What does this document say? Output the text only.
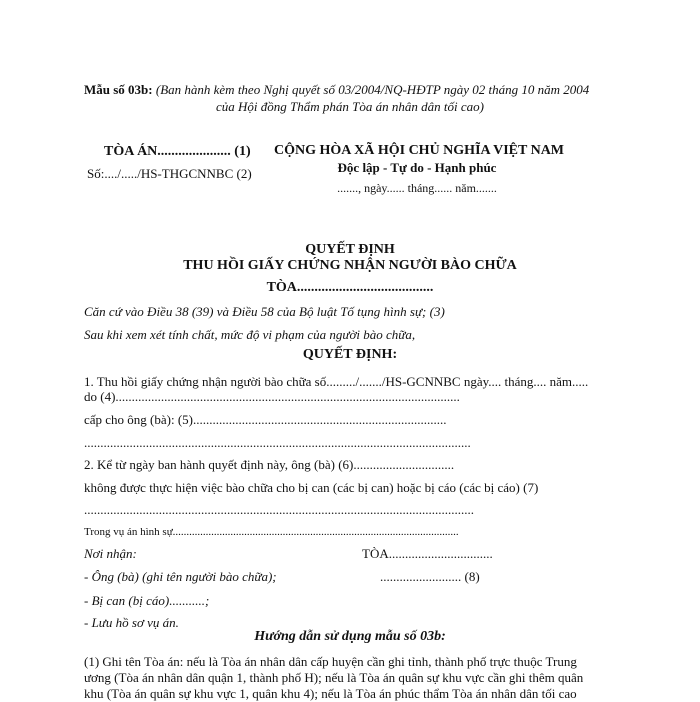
Mẫu số 03b: (Ban hành kèm theo Nghị quyết số 03/2004/NQ-HĐTP ngày 02 tháng 10 năm 2004
của Hội đồng Thẩm phán Tòa án nhân dân tối cao)
TÒA ÁN..................... (1)
Số:..../...../HS-THGCNNBC (2)
CỘNG HÒA XÃ HỘI CHỦ NGHĨA VIỆT NAM
Độc lập - Tự do - Hạnh phúc
......., ngày...... tháng...... năm.......
QUYẾT ĐỊNH
THU HỒI GIẤY CHỨNG NHẬN NGƯỜI BÀO CHỮA
TÒA.......................................
Căn cứ vào Điều 38 (39) và Điều 58 của Bộ luật Tố tụng hình sự; (3)
Sau khi xem xét tính chất, mức độ vi phạm của người bào chữa,
QUYẾT ĐỊNH:
1. Thu hồi giấy chứng nhận người bào chữa số........./......./HS-GCNNBC ngày.... tháng.... năm.....
do (4)..........................................................................................................
cấp cho ông (bà): (5)..............................................................................
.......................................................................................................................
2. Kể từ ngày ban hành quyết định này, ông (bà) (6)...............................
không được thực hiện việc bào chữa cho bị can (các bị can) hoặc bị cáo (các bị cáo) (7)
........................................................................................................................
Trong vụ án hình sự........................................................................................................
Nơi nhận:	TÒA................................
- Ông (bà) (ghi tên người bào chữa);	......................... (8)
- Bị can (bị cáo)...........;
- Lưu hồ sơ vụ án.
Hướng dẫn sử dụng mẫu số 03b:
(1) Ghi tên Tòa án: nếu là Tòa án nhân dân cấp huyện cần ghi tỉnh, thành phố trực thuộc Trung
ương (Tòa án nhân dân quận 1, thành phố H); nếu là Tòa án quân sự khu vực cần ghi thêm quân
khu (Tòa án quân sự khu vực 1, quân khu 4); nếu là Tòa án phúc thẩm Tòa án nhân dân tối cao
